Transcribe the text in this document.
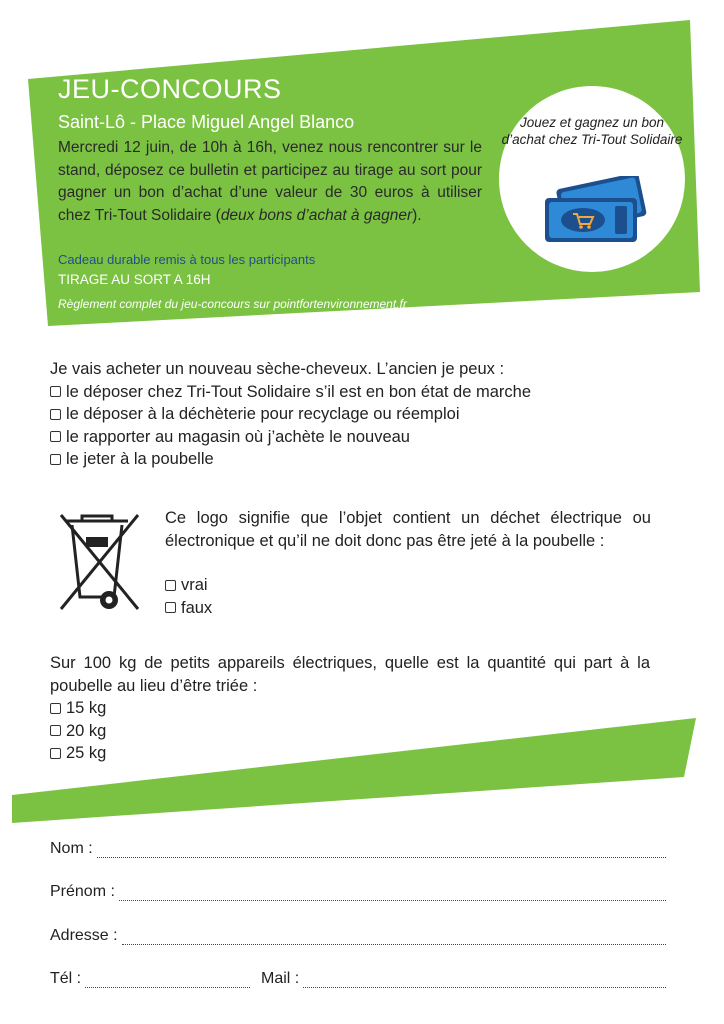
JEU-CONCOURS
Saint-Lô - Place Miguel Angel Blanco
Mercredi 12 juin, de 10h à 16h, venez nous rencontrer sur le stand, déposez ce bulletin et participez au tirage au sort pour gagner un bon d’achat d’une valeur de 30 euros à utiliser chez Tri-Tout Solidaire (deux bons d’achat à gagner).
Cadeau durable remis à tous les participants
TIRAGE AU SORT A 16H
Règlement complet du jeu-concours sur pointfortenvironnement.fr
Jouez et gagnez un bon d’achat chez Tri-Tout Solidaire
Je vais acheter un nouveau sèche-cheveux. L’ancien je peux :
le déposer chez Tri-Tout Solidaire s’il est en bon état de marche
le déposer à la déchèterie pour recyclage ou réemploi
le rapporter au magasin où j’achète le nouveau
le jeter à la poubelle
Ce logo signifie que l’objet contient un déchet électrique ou électronique et qu’il ne doit donc pas être jeté à la poubelle :
vrai
faux
Sur 100 kg de petits appareils électriques, quelle est la quantité qui part à la poubelle au lieu d’être triée :
15 kg
20 kg
25 kg
Nom :
Prénom :
Adresse :
Tél :	Mail :
